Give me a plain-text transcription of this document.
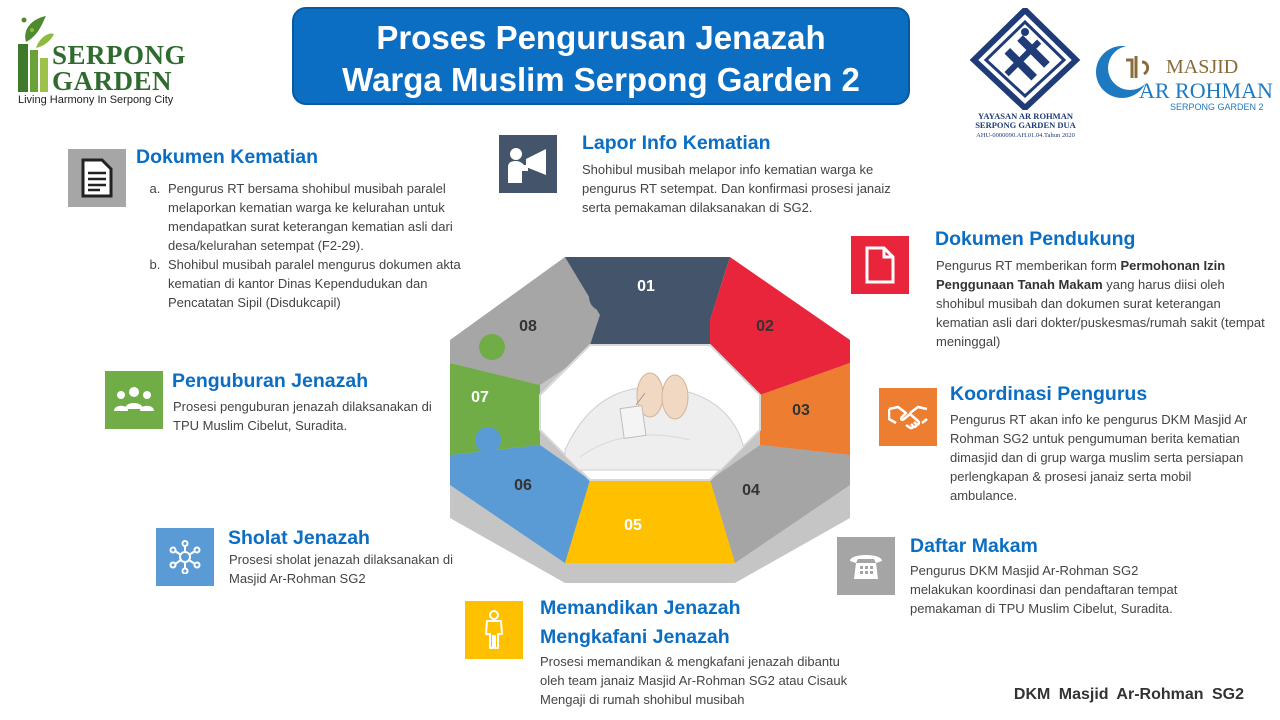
Proses Pengurusan Jenazah
Warga Muslim Serpong Garden 2
SERPONG
GARDEN
Living Harmony In Serpong City
YAYASAN AR ROHMAN
SERPONG GARDEN DUA
AHU-0000090.AH.01.04.Tahun 2020
MASJID
AR ROHMAN
SERPONG GARDEN 2
01
02
03
04
05
06
07
08
Dokumen Kematian
a. Pengurus RT bersama shohibul musibah paralel melaporkan kematian warga ke kelurahan untuk mendapatkan surat keterangan kematian asli dari desa/kelurahan setempat (F2-29).
b. Shohibul musibah paralel mengurus dokumen akta kematian di kantor Dinas Kependudukan dan Pencatatan Sipil (Disdukcapil)
Lapor Info Kematian
Shohibul musibah melapor info kematian warga ke pengurus RT setempat. Dan konfirmasi prosesi janaiz serta pemakaman dilaksanakan di SG2.
Dokumen Pendukung
Pengurus RT memberikan form Permohonan Izin Penggunaan Tanah Makam yang harus diisi oleh shohibul musibah dan dokumen surat keterangan kematian asli dari dokter/puskesmas/rumah sakit (tempat meninggal)
Koordinasi Pengurus
Pengurus RT akan info ke pengurus DKM Masjid Ar Rohman SG2 untuk pengumuman berita kematian dimasjid dan di grup warga muslim serta persiapan perlengkapan & prosesi janaiz serta mobil ambulance.
Daftar Makam
Pengurus DKM Masjid Ar-Rohman SG2 melakukan koordinasi dan pendaftaran tempat pemakaman di TPU Muslim Cibelut, Suradita.
Memandikan Jenazah
Mengkafani Jenazah
Prosesi memandikan & mengkafani jenazah dibantu oleh team janaiz Masjid Ar-Rohman SG2 atau Cisauk Mengaji di rumah shohibul musibah
Sholat Jenazah
Prosesi sholat jenazah dilaksanakan di Masjid Ar-Rohman SG2
Penguburan Jenazah
Prosesi penguburan jenazah dilaksanakan di TPU Muslim Cibelut, Suradita.
DKM Masjid Ar-Rohman SG2
